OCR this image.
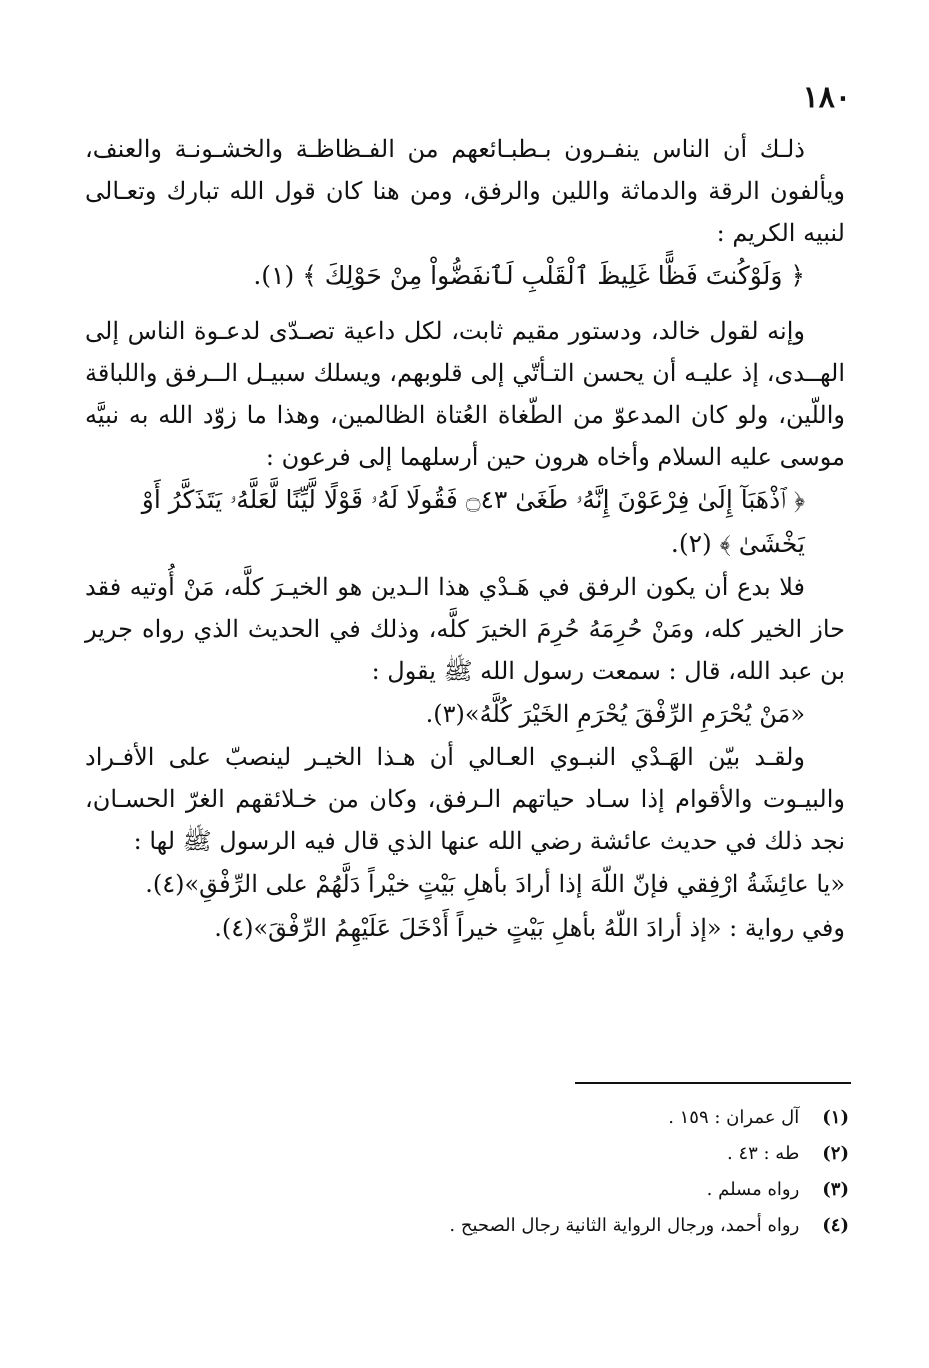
١٨٠

ذلـك أن الناس ينفـرون بـطبـائعهم من الفـظاظـة والخشـونـة والعنف، ويألفون الرقة والدماثة واللين والرفق، ومن هنا كان قول الله تبارك وتعـالى لنبيه الكريم :

﴿ وَلَوْكُنتَ فَظًّا غَلِيظَ ٱلْقَلْبِ لَٱنفَضُّواْ مِنْ حَوْلِكَ ﴾ (١).

وإنه لقول خالد، ودستور مقيم ثابت، لكل داعية تصـدّى لدعـوة الناس إلى الهــدى، إذ عليـه أن يحسن التـأتّي إلى قلوبهم، ويسلك سبيـل الــرفق واللباقة واللّين، ولو كان المدعوّ من الطّغاة العُتاة الظالمين، وهذا ما زوّد الله به نبيَّه موسى عليه السلام وأخاه هرون حين أرسلهما إلى فرعون :

﴿ ٱذْهَبَآ إِلَىٰ فِرْعَوْنَ إِنَّهُۥ طَغَىٰ ۝٤٣ فَقُولَا لَهُۥ قَوْلًا لَّيِّنًا لَّعَلَّهُۥ يَتَذَكَّرُ أَوْ يَخْشَىٰ ﴾ (٢).

فلا بدع أن يكون الرفق في هَـدْي هذا الـدين هو الخيـرَ كلَّه، مَنْ أُوتيه فقد حاز الخير كله، ومَنْ حُرِمَهُ حُرِمَ الخيرَ كلَّه، وذلك في الحديث الذي رواه جرير بن عبد الله، قال : سمعت رسول الله ﷺ يقول :

«مَنْ يُحْرَمِ الرِّفْقَ يُحْرَمِ الخَيْرَ كُلَّهُ»(٣).

ولقـد بيّن الهَـدْي النبـوي العـالي أن هـذا الخيـر لينصبّ على الأفـراد والبيـوت والأقوام إذا سـاد حياتهم الـرفق، وكان من خـلائقهم الغرّ الحسـان، نجد ذلك في حديث عائشة رضي الله عنها الذي قال فيه الرسول ﷺ لها :

«يا عائِشَةُ ارْفِقي فإنّ اللّهَ إذا أرادَ بأهلِ بَيْتٍ خيْراً دَلَّهُمْ على الرِّفْقِ»(٤).

وفي رواية : «إذ أرادَ اللّهُ بأهلِ بَيْتٍ خيراً أَدْخَلَ عَلَيْهِمُ الرِّفْقَ»(٤).

(١) آل عمران : ١٥٩ .
(٢) طه : ٤٣ .
(٣) رواه مسلم .
(٤) رواه أحمد، ورجال الرواية الثانية رجال الصحيح .
